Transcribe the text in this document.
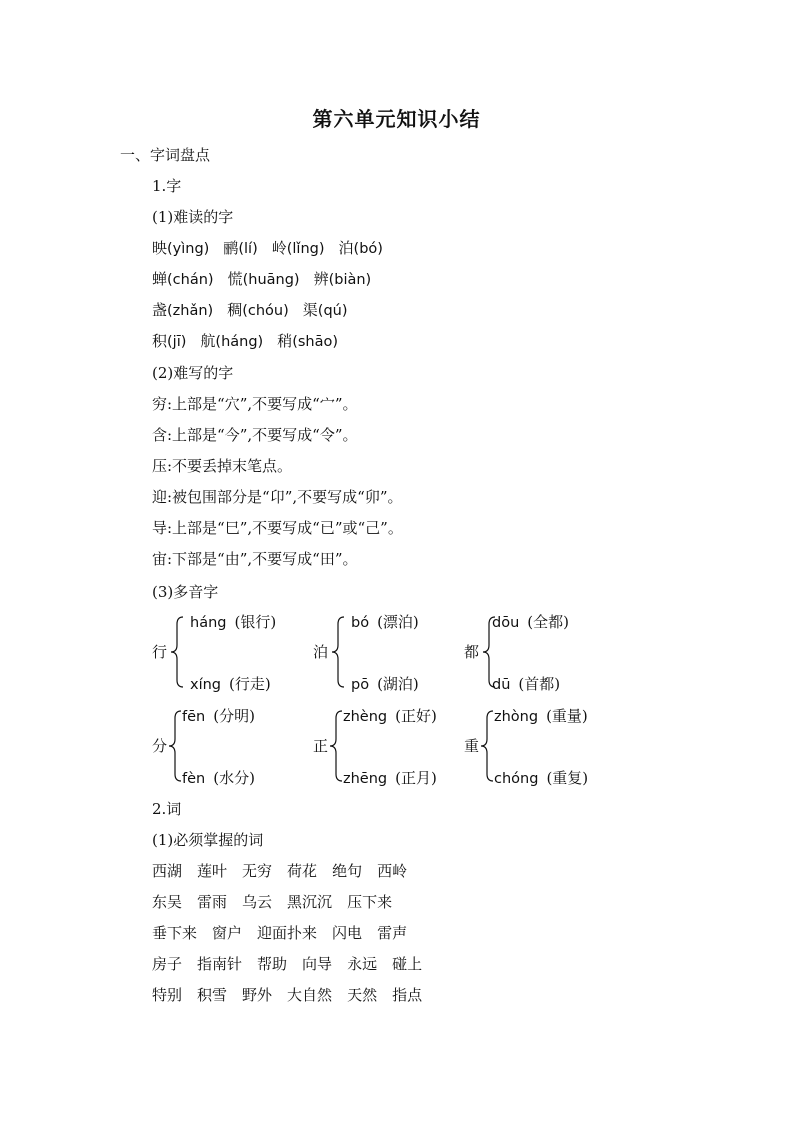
第六单元知识小结
一、字词盘点
1.字
(1)难读的字
映(yìng) 鹂(lí) 岭(lǐng) 泊(bó)
蝉(chán) 慌(huāng) 辨(biàn)
盏(zhǎn) 稠(chóu) 渠(qú)
积(jī) 航(háng) 稍(shāo)
(2)难写的字
穷:上部是“穴”,不要写成“宀”。
含:上部是“今”,不要写成“令”。
压:不要丢掉末笔点。
迎:被包围部分是“卬”,不要写成“卯”。
导:上部是“巳”,不要写成“已”或“己”。
宙:下部是“由”,不要写成“田”。
(3)多音字
行
háng (银行)
xíng (行走)
泊
bó (漂泊)
pō (湖泊)
都
dōu (全都)
dū (首都)
分
fēn (分明)
fèn (水分)
正
zhèng (正好)
zhēng (正月)
重
zhòng (重量)
chóng (重复)
2.词
(1)必须掌握的词
西湖 莲叶 无穷 荷花 绝句 西岭
东吴 雷雨 乌云 黑沉沉 压下来
垂下来 窗户 迎面扑来 闪电 雷声
房子 指南针 帮助 向导 永远 碰上
特别 积雪 野外 大自然 天然 指点
